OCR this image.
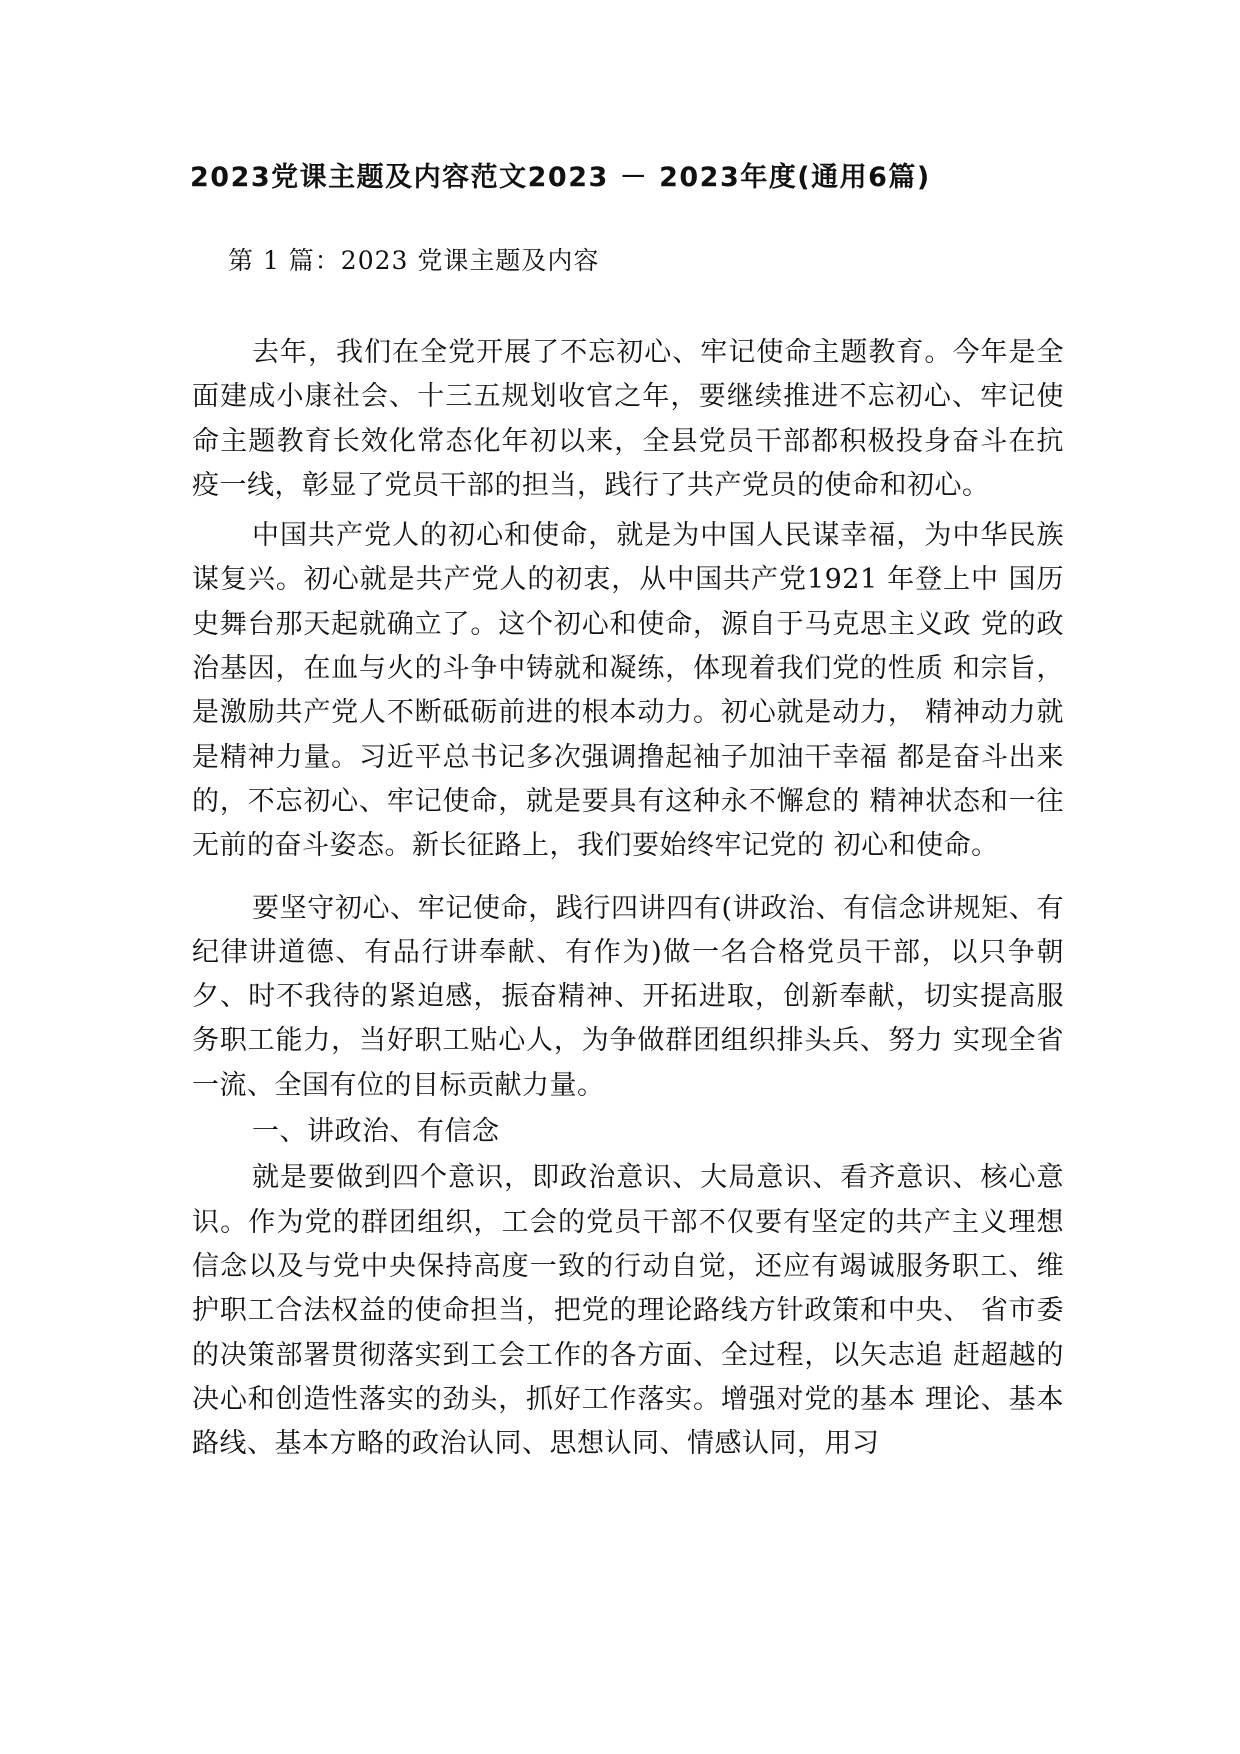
2023党课主题及内容范文2023 － 2023年度(通用6篇)

第 1 篇：2023 党课主题及内容

去年，我们在全党开展了不忘初心、牢记使命主题教育。今年是全面建成小康社会、十三五规划收官之年，要继续推进不忘初心、牢记使命主题教育长效化常态化年初以来，全县党员干部都积极投身奋斗在抗疫一线，彰显了党员干部的担当，践行了共产党员的使命和初心。

中国共产党人的初心和使命，就是为中国人民谋幸福，为中华民族谋复兴。初心就是共产党人的初衷，从中国共产党1921 年登上中 国历史舞台那天起就确立了。这个初心和使命，源自于马克思主义政 党的政治基因，在血与火的斗争中铸就和凝练，体现着我们党的性质 和宗旨，是激励共产党人不断砥砺前进的根本动力。初心就是动力， 精神动力就是精神力量。习近平总书记多次强调撸起袖子加油干幸福 都是奋斗出来的，不忘初心、牢记使命，就是要具有这种永不懈怠的 精神状态和一往无前的奋斗姿态。新长征路上，我们要始终牢记党的 初心和使命。

要坚守初心、牢记使命，践行四讲四有(讲政治、有信念讲规矩、有纪律讲道德、有品行讲奉献、有作为)做一名合格党员干部，以只争朝夕、时不我待的紧迫感，振奋精神、开拓进取，创新奉献，切实提高服务职工能力，当好职工贴心人，为争做群团组织排头兵、努力 实现全省一流、全国有位的目标贡献力量。

一、讲政治、有信念

就是要做到四个意识，即政治意识、大局意识、看齐意识、核心意识。作为党的群团组织，工会的党员干部不仅要有坚定的共产主义理想信念以及与党中央保持高度一致的行动自觉，还应有竭诚服务职工、维护职工合法权益的使命担当，把党的理论路线方针政策和中央、 省市委的决策部署贯彻落实到工会工作的各方面、全过程，以矢志追 赶超越的决心和创造性落实的劲头，抓好工作落实。增强对党的基本 理论、基本路线、基本方略的政治认同、思想认同、情感认同，用习
